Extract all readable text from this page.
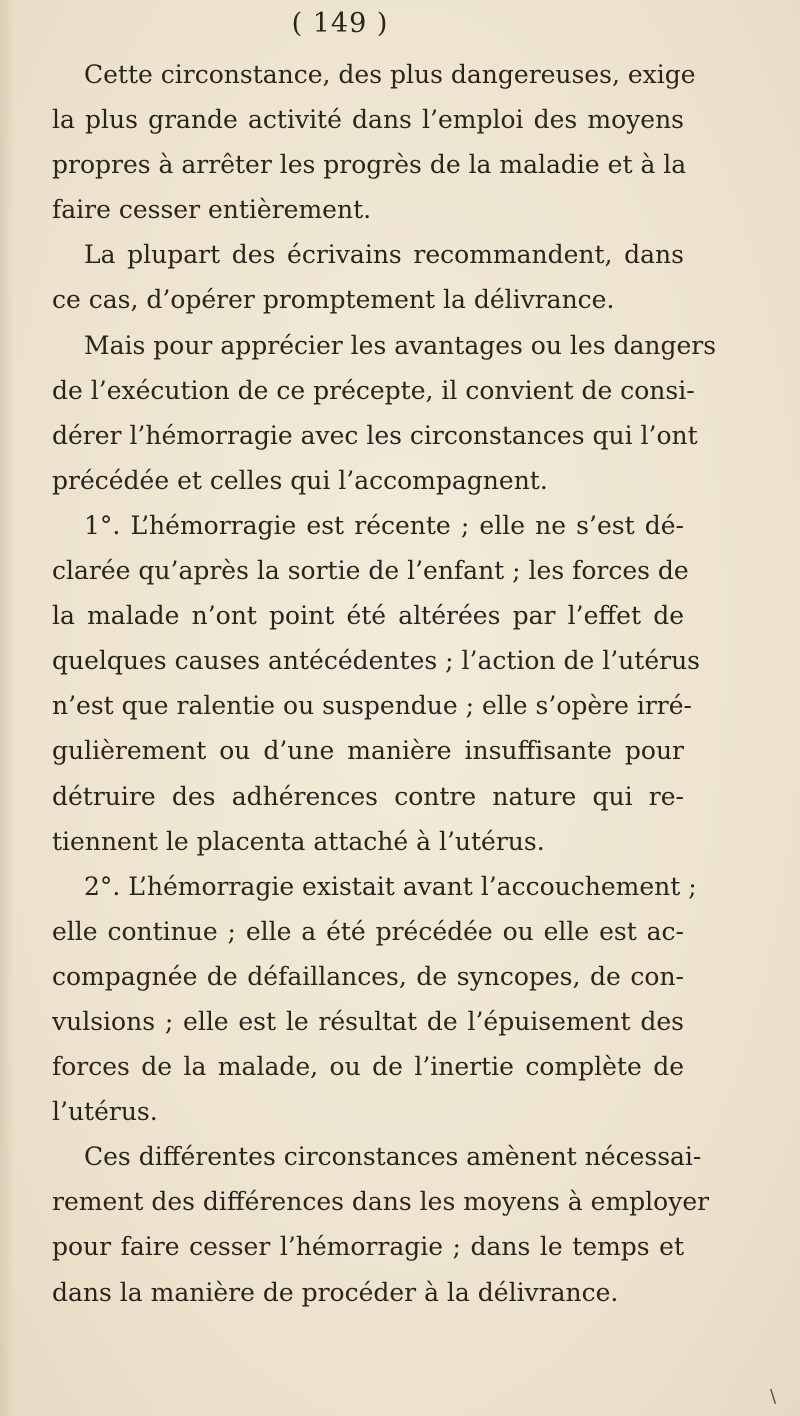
( 149 )
Cette circonstance, des plus dangereuses, exige
la plus grande activité dans l’emploi des moyens
propres à arrêter les progrès de la maladie et à la
faire cesser entièrement.
La plupart des écrivains recommandent, dans
ce cas, d’opérer promptement la délivrance.
Mais pour apprécier les avantages ou les dangers
de l’exécution de ce précepte, il convient de consi-
dérer l’hémorragie avec les circonstances qui l’ont
précédée et celles qui l’accompagnent.
1°. L’hémorragie est récente ; elle ne s’est dé-
clarée qu’après la sortie de l’enfant ; les forces de
la malade n’ont point été altérées par l’effet de
quelques causes antécédentes ; l’action de l’utérus
n’est que ralentie ou suspendue ; elle s’opère irré-
gulièrement ou d’une manière insuffisante pour
détruire des adhérences contre nature qui re-
tiennent le placenta attaché à l’utérus.
2°. L’hémorragie existait avant l’accouchement ;
elle continue ; elle a été précédée ou elle est ac-
compagnée de défaillances, de syncopes, de con-
vulsions ; elle est le résultat de l’épuisement des
forces de la malade, ou de l’inertie complète de
l’utérus.
Ces différentes circonstances amènent nécessai-
rement des différences dans les moyens à employer
pour faire cesser l’hémorragie ; dans le temps et
dans la manière de procéder à la délivrance.
\
